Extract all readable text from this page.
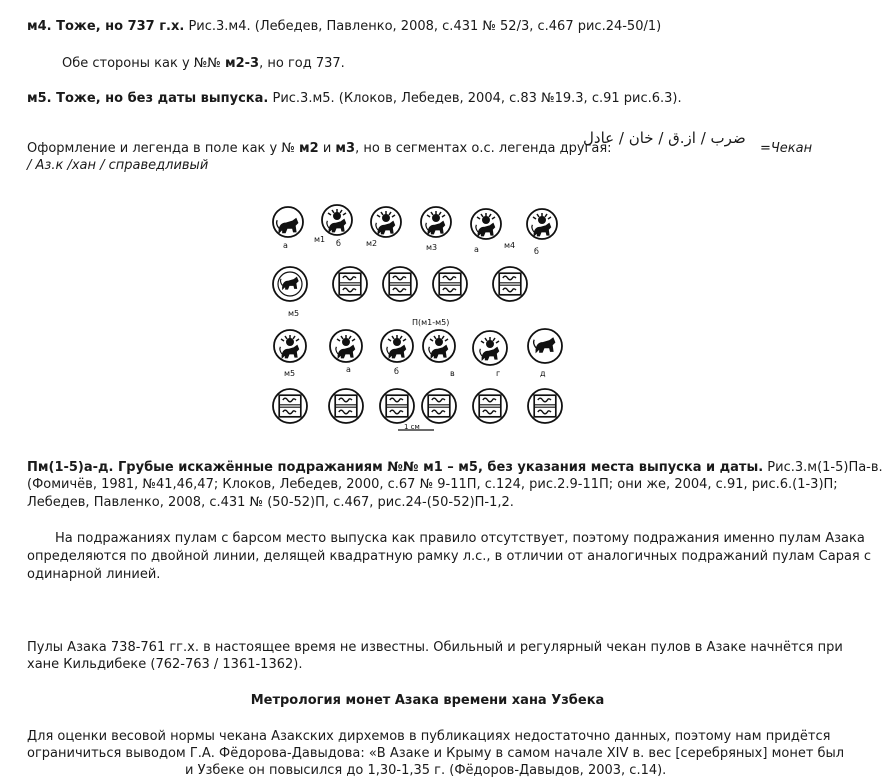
м4. Тоже, но 737 г.х. Рис.3.м4. (Лебедев, Павленко, 2008, с.431 № 52/3, с.467 рис.24-50/1)
Обе стороны как у №№ м2-3, но год 737.
м5. Тоже, но без даты выпуска. Рис.3.м5. (Клоков, Лебедев, 2004, с.83 №19.3, с.91 рис.6.3).
ضرب / از.ق / خان / عادل
Оформление и легенда в поле как у № м2 и м3, но в сегментах о.с. легенда другая:	=Чекан
/ Аз.к /хан / справедливый
а
м1 б	м2	м3	а	м4
б
м5
П(м1-м5)
м5	а	б	в	г	д
1 см
Пм(1-5)а-д. Грубые искажённые подражаниям №№ м1 – м5, без указания места выпуска и даты. Рис.3.м(1-5)Па-в.
(Фомичёв, 1981, №41,46,47; Клоков, Лебедев, 2000, с.67 № 9-11П, с.124, рис.2.9-11П; они же, 2004, с.91, рис.6.(1-3)П;
Лебедев, Павленко, 2008, с.431 № (50-52)П, с.467, рис.24-(50-52)П-1,2.
На подражаниях пулам с барсом место выпуска как правило отсутствует, поэтому подражания именно пулам Азака
определяются по двойной линии, делящей квадратную рамку л.с., в отличии от аналогичных подражаний пулам Сарая с
одинарной линией.
Пулы Азака 738-761 гг.х. в настоящее время не известны. Обильный и регулярный чекан пулов в Азаке начнётся при
хане Кильдибеке (762-763 / 1361-1362).
Метрология монет Азака времени хана Узбека
Для оценки весовой нормы чекана Азакских дирхемов в публикациях недостаточно данных, поэтому нам придётся
ограничиться выводом Г.А. Фёдорова-Давыдова: «В Азаке и Крыму в самом начале XIV в. вес [серебряных] монет был
и Узбеке он повысился до 1,30-1,35 г. (Фёдоров-Давыдов, 2003, с.14).
